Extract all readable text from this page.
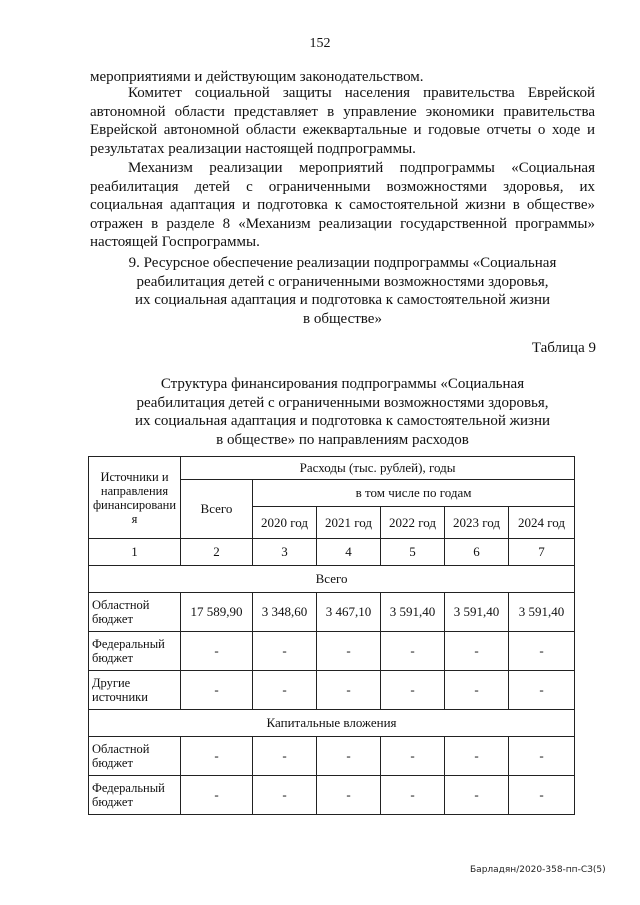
152
мероприятиями и действующим законодательством.
Комитет социальной защиты населения правительства Еврейской автономной области представляет в управление экономики правительства Еврейской автономной области ежеквартальные и годовые отчеты о ходе и результатах реализации настоящей подпрограммы.
Механизм реализации мероприятий подпрограммы «Социальная реабилитация детей с ограниченными возможностями здоровья, их социальная адаптация и подготовка к самостоятельной жизни в обществе» отражен в разделе 8 «Механизм реализации государственной программы» настоящей Госпрограммы.
9. Ресурсное обеспечение реализации подпрограммы «Социальная
реабилитация детей с ограниченными возможностями здоровья,
их социальная адаптация и подготовка к самостоятельной жизни
в обществе»
Таблица 9
Структура финансирования подпрограммы «Социальная
реабилитация детей с ограниченными возможностями здоровья,
их социальная адаптация и подготовка к самостоятельной жизни
в обществе» по направлениям расходов
Источники и направления финансировани я	Расходы (тыс. рублей), годы					
	Всего	в том числе по годам				
		2020 год	2021 год	2022 год	2023 год	2024 год
1	2	3	4	5	6	7
Всего						
Областной бюджет	17 589,90	3 348,60	3 467,10	3 591,40	3 591,40	3 591,40
Федеральный бюджет	-	-	-	-	-	-
Другие источники	-	-	-	-	-	-
Капитальные вложения						
Областной бюджет	-	-	-	-	-	-
Федеральный бюджет	-	-	-	-	-	-
Барладян/2020-358-пп-СЗ(5)
